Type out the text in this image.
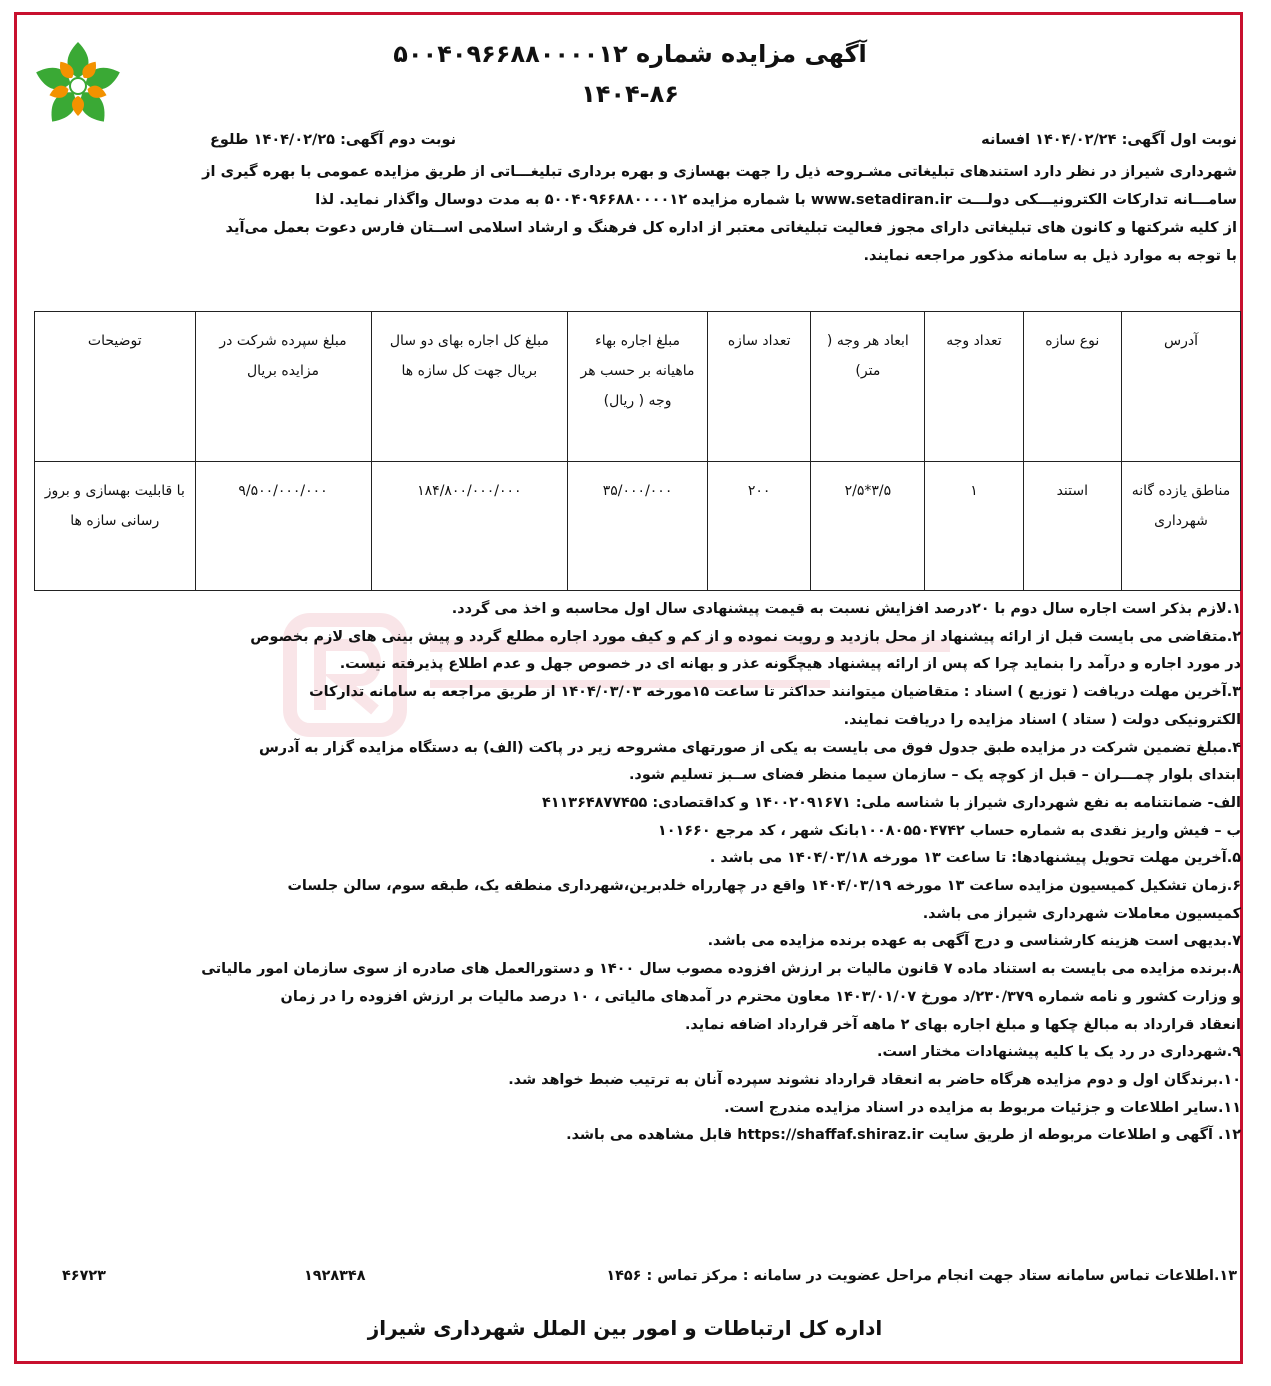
آگهی مزایده شماره ۵۰۰۴۰۹۶۶۸۸۰۰۰۰۱۲
۱۴۰۴-۸۶
نوبت اول آگهی: ۱۴۰۴/۰۲/۲۴ افسانه
نوبت دوم آگهی: ۱۴۰۴/۰۲/۲۵ طلوع
شهرداری شیراز در نظر دارد استندهای تبلیغاتی مشـروحه ذیل را جهت بهسازی و بهره برداری تبلیغـــاتی از طریق مزایده عمومی با بهره گیری از
سامـــانه تدارکات الکترونیـــکی دولـــت www.setadiran.ir با شماره مزایده ۵۰۰۴۰۹۶۶۸۸۰۰۰۰۱۲ به مدت دوسال واگذار نماید. لذا
از کلیه شرکتها و کانون های تبلیغاتی دارای مجوز فعالیت تبلیغاتی معتبر از اداره کل فرهنگ و ارشاد اسلامی اســتان فارس دعوت بعمل می‌آید
با توجه به موارد ذیل به سامانه مذکور مراجعه نمایند.
آدرس	نوع سازه	تعداد وجه	ابعاد هر وجه ( متر)	تعداد سازه	مبلغ اجاره بهاء ماهیانه بر حسب هر وجه ( ریال)	مبلغ کل اجاره بهای دو سال بریال جهت کل سازه ها	مبلغ سپرده شرکت در مزایده بریال	توضیحات
مناطق یازده گانه شهرداری	استند	۱	۳/۵*۲/۵	۲۰۰	۳۵/۰۰۰/۰۰۰	۱۸۴/۸۰۰/۰۰۰/۰۰۰	۹/۵۰۰/۰۰۰/۰۰۰	با قابلیت بهسازی و بروز رسانی سازه ها
۱.لازم بذکر است اجاره سال دوم با ۲۰درصد افزایش نسبت به قیمت پیشنهادی سال اول محاسبه و اخذ می گردد.
۲.متقاضی می بایست قبل از ارائه پیشنهاد از محل بازدید و رویت نموده و از کم و کیف مورد اجاره مطلع گردد و پیش بینی های لازم بخصوص
در مورد اجاره و درآمد را بنماید چرا که پس از ارائه پیشنهاد هیچگونه عذر و بهانه ای در خصوص جهل و عدم اطلاع پذیرفته نیست.
۳.آخرین مهلت دریافت ( توزیع ) اسناد : متقاضیان میتوانند حداکثر تا ساعت ۱۵مورخه ۱۴۰۴/۰۳/۰۳ از طریق مراجعه به سامانه تدارکات
الکترونیکی دولت ( ستاد ) اسناد مزایده را دریافت نمایند.
۴.مبلغ تضمین شرکت در مزایده طبق جدول فوق می بایست به یکی از صورتهای مشروحه زیر در پاکت (الف) به دستگاه مزایده گزار به آدرس
ابتدای بلوار چمـــران – قبل از کوچه یک – سازمان سیما منظر فضای ســبز تسلیم شود.
الف- ضمانتنامه به نفع شهرداری شیراز با شناسه ملی: ۱۴۰۰۲۰۹۱۶۷۱ و کداقتصادی: ۴۱۱۳۶۴۸۷۷۴۵۵
ب – فیش واریز نقدی به شماره حساب ۱۰۰۸۰۵۵۰۴۷۴۲بانک شهر ، کد مرجع ۱۰۱۶۶۰
۵.آخرین مهلت تحویل پیشنهادها: تا ساعت ۱۳ مورخه ۱۴۰۴/۰۳/۱۸ می باشد .
۶.زمان تشکیل کمیسیون مزایده ساعت ۱۳ مورخه ۱۴۰۴/۰۳/۱۹ واقع در چهارراه خلدبرین،شهرداری منطقه یک، طبقه سوم، سالن جلسات
کمیسیون معاملات شهرداری شیراز می باشد.
۷.بدیهی است هزینه کارشناسی و درج آگهی به عهده برنده مزایده می باشد.
۸.برنده مزایده می بایست به استناد ماده ۷ قانون مالیات بر ارزش افزوده مصوب سال ۱۴۰۰ و دستورالعمل های صادره از سوی سازمان امور مالیاتی
و وزارت کشور و نامه شماره ۲۳۰/۳۷۹/د مورخ ۱۴۰۳/۰۱/۰۷ معاون محترم در آمدهای مالیاتی ، ۱۰ درصد مالیات بر ارزش افزوده را در زمان
انعقاد قرارداد به مبالغ چکها و مبلغ اجاره بهای ۲ ماهه آخر قرارداد اضافه نماید.
۹.شهرداری در رد یک یا کلیه پیشنهادات مختار است.
۱۰.برندگان اول و دوم مزایده هرگاه حاضر به انعقاد قرارداد نشوند سپرده آنان به ترتیب ضبط خواهد شد.
۱۱.سایر اطلاعات و جزئیات مربوط به مزایده در اسناد مزایده مندرج است.
۱۲. آگهی و اطلاعات مربوطه از طریق سایت https://shaffaf.shiraz.ir قابل مشاهده می باشد.
۱۳.اطلاعات تماس سامانه ستاد جهت انجام مراحل عضویت در سامانه : مرکز تماس : ۱۴۵۶
۱۹۲۸۳۴۸
۴۶۷۲۳
اداره کل ارتباطات و امور بین الملل شهرداری شیراز
